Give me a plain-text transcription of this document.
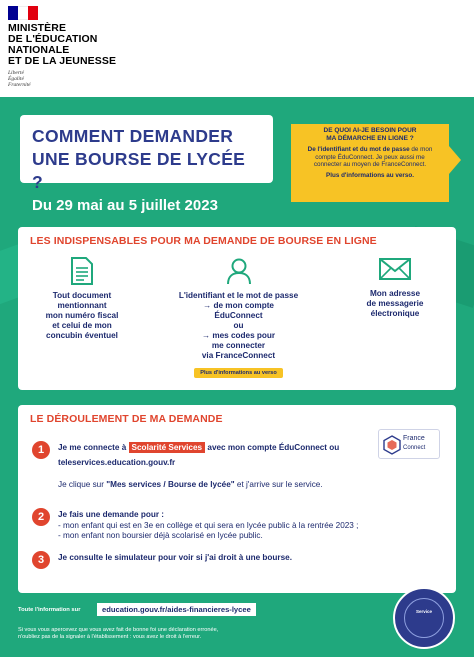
MINISTÈRE
DE L'ÉDUCATION
NATIONALE
ET DE LA JEUNESSE
Liberté
Égalité
Fraternité
COMMENT DEMANDER
UNE BOURSE DE LYCÉE ?
DE QUOI AI-JE BESOIN POUR
MA DÉMARCHE EN LIGNE ?
De l'identifiant et du mot de passe de mon
compte ÉduConnect. Je peux aussi me
connecter au moyen de FranceConnect.
Plus d'informations au verso.
Du 29 mai au 5 juillet 2023
LES INDISPENSABLES POUR MA DEMANDE DE BOURSE EN LIGNE
Tout document
mentionnant
mon numéro fiscal
et celui de mon
concubin éventuel
L'identifiant et le mot de passe
→ de mon compte
ÉduConnect
ou
→ mes codes pour
me connecter
via FranceConnect
Plus d'informations au verso
Mon adresse
de messagerie
électronique
LE DÉROULEMENT DE MA DEMANDE
1	Je me connecte à Scolarité Services avec mon compte ÉduConnect ou
teleservices.education.gouv.fr
Je clique sur "Mes services / Bourse de lycée" et j'arrive sur le service.
France
Connect
2	Je fais une demande pour :
- mon enfant qui est en 3e en collège et qui sera en lycée public à la rentrée 2023 ;
- mon enfant non boursier déjà scolarisé en lycée public.
3	Je consulte le simulateur pour voir si j'ai droit à une bourse.
Toute l'information sur	education.gouv.fr/aides-financieres-lycee
Si vous vous apercevez que vous avez fait de bonne foi une déclaration erronée,
n'oubliez pas de la signaler à l'établissement : vous avez le droit à l'erreur.
Service
